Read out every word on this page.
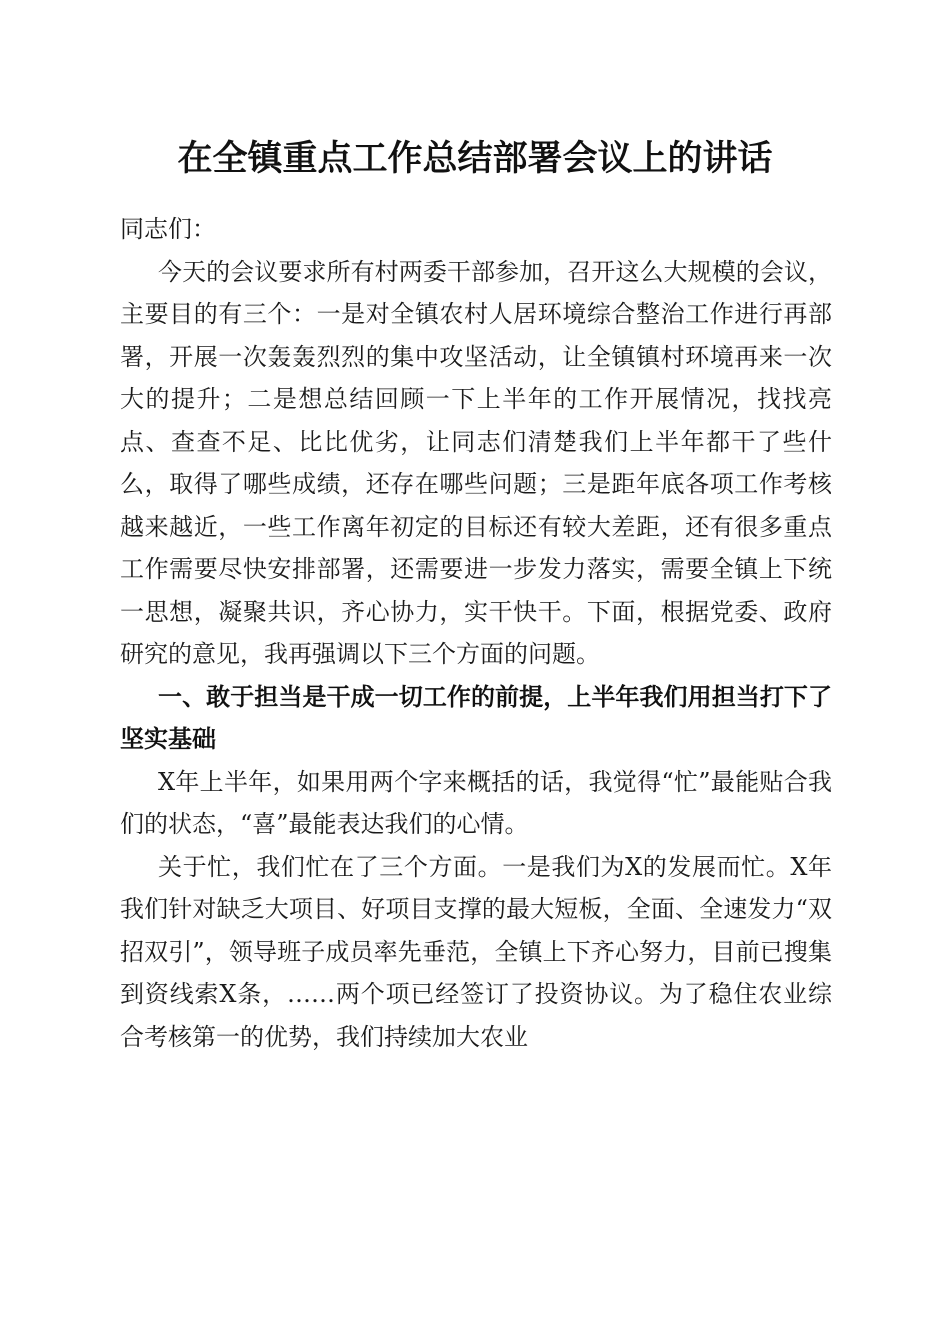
在全镇重点工作总结部署会议上的讲话

同志们：

今天的会议要求所有村两委干部参加，召开这么大规模的会议，主要目的有三个：一是对全镇农村人居环境综合整治工作进行再部署，开展一次轰轰烈烈的集中攻坚活动，让全镇镇村环境再来一次大的提升；二是想总结回顾一下上半年的工作开展情况，找找亮点、查查不足、比比优劣，让同志们清楚我们上半年都干了些什么，取得了哪些成绩，还存在哪些问题；三是距年底各项工作考核越来越近，一些工作离年初定的目标还有较大差距，还有很多重点工作需要尽快安排部署，还需要进一步发力落实，需要全镇上下统一思想，凝聚共识，齐心协力，实干快干。下面，根据党委、政府研究的意见，我再强调以下三个方面的问题。

一、敢于担当是干成一切工作的前提，上半年我们用担当打下了坚实基础

X年上半年，如果用两个字来概括的话，我觉得“忙”最能贴合我们的状态，“喜”最能表达我们的心情。

关于忙，我们忙在了三个方面。一是我们为X的发展而忙。X年我们针对缺乏大项目、好项目支撑的最大短板，全面、全速发力“双招双引”，领导班子成员率先垂范，全镇上下齐心努力，目前已搜集到资线索X条，……两个项已经签订了投资协议。为了稳住农业综合考核第一的优势，我们持续加大农业
